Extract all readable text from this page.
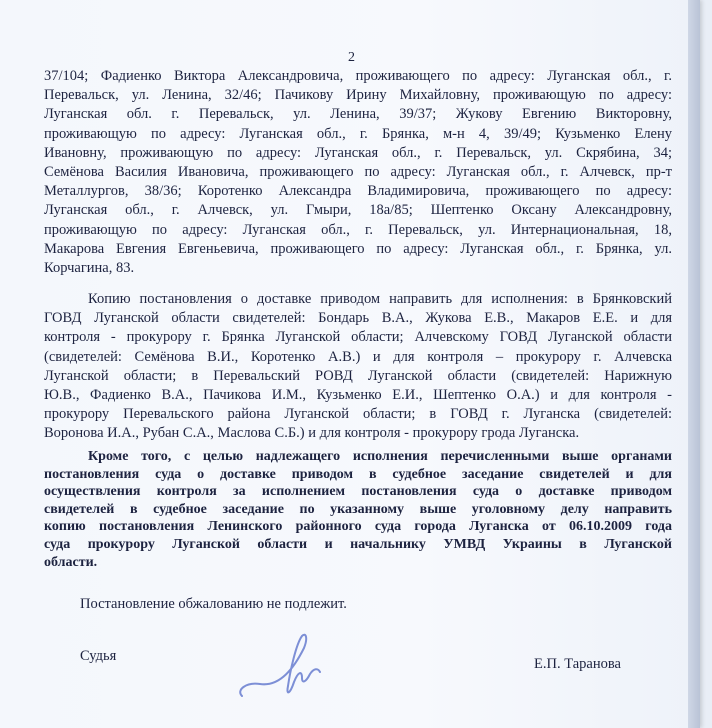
2
37/104; Фадиенко Виктора Александровича, проживающего по адресу: Луганская обл., г.
Перевальск, ул. Ленина, 32/46; Пачикову Ирину Михайловну, проживающую по адресу:
Луганская обл. г. Перевальск, ул. Ленина, 39/37; Жукову Евгению Викторовну,
проживающую по адресу: Луганская обл., г. Брянка, м-н 4, 39/49; Кузьменко Елену
Ивановну, проживающую по адресу: Луганская обл., г. Перевальск, ул. Скрябина, 34;
Семёнова Василия Ивановича, проживающего по адресу: Луганская обл., г. Алчевск, пр-т
Металлургов, 38/36; Коротенко Александра Владимировича, проживающего по адресу:
Луганская обл., г. Алчевск, ул. Гмыри, 18а/85; Шептенко Оксану Александровну,
проживающую по адресу: Луганская обл., г. Перевальск, ул. Интернациональная, 18,
Макарова Евгения Евгеньевича, проживающего по адресу: Луганская обл., г. Брянка, ул.
Корчагина, 83.
Копию постановления о доставке приводом направить для исполнения: в Брянковский
ГОВД Луганской области свидетелей: Бондарь В.А., Жукова Е.В., Макаров Е.Е. и для
контроля - прокурору г. Брянка Луганской области; Алчевскому ГОВД Луганской области
(свидетелей: Семёнова В.И., Коротенко А.В.) и для контроля – прокурору г. Алчевска
Луганской области; в Перевальский РОВД Луганской области (свидетелей: Нарижную
Ю.В., Фадиенко В.А., Пачикова И.М., Кузьменко Е.И., Шептенко О.А.) и для контроля -
прокурору Перевальского района Луганской области; в ГОВД г. Луганска (свидетелей:
Воронова И.А., Рубан С.А., Маслова С.Б.) и для контроля - прокурору грода Луганска.
Кроме того, с целью надлежащего исполнения перечисленными выше органами
постановления суда о доставке приводом в судебное заседание свидетелей и для
осуществления контроля за исполнением постановления суда о доставке приводом
свидетелей в судебное заседание по указанному выше уголовному делу направить
копию постановления Ленинского районного суда города Луганска от 06.10.2009 года
суда прокурору Луганской области и начальнику УМВД Украины в Луганской
области.
Постановление обжалованию не подлежит.
Судья	Е.П. Таранова
